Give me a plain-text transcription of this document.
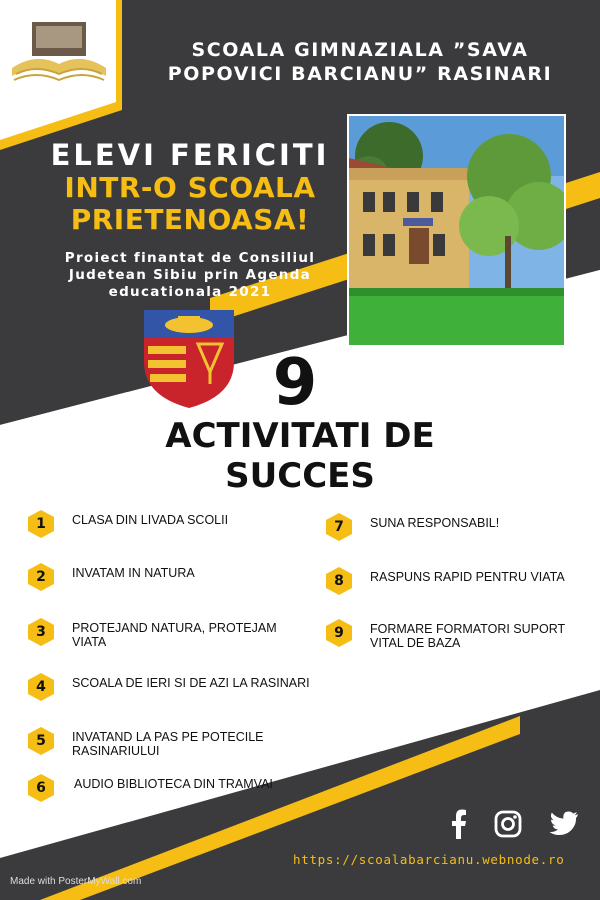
SCOALA GIMNAZIALA ”SAVA POPOVICI BARCIANU” RASINARI
ELEVI FERICITI
INTR-O SCOALA
PRIETENOASA!
Proiect finantat de Consiliul Judetean Sibiu prin Agenda educationala 2021
9
ACTIVITATI DE
SUCCES
1	CLASA DIN LIVADA SCOLII
2	INVATAM IN NATURA
3	PROTEJAND NATURA, PROTEJAM VIATA
4	SCOALA DE IERI SI DE AZI LA RASINARI
5	INVATAND LA PAS PE POTECILE RASINARIULUI
6	AUDIO BIBLIOTECA DIN TRAMVAI
7	SUNA RESPONSABIL!
8	RASPUNS RAPID PENTRU VIATA
9	FORMARE FORMATORI SUPORT VITAL DE BAZA
https://scoalabarcianu.webnode.ro
Made with PosterMyWall.com
